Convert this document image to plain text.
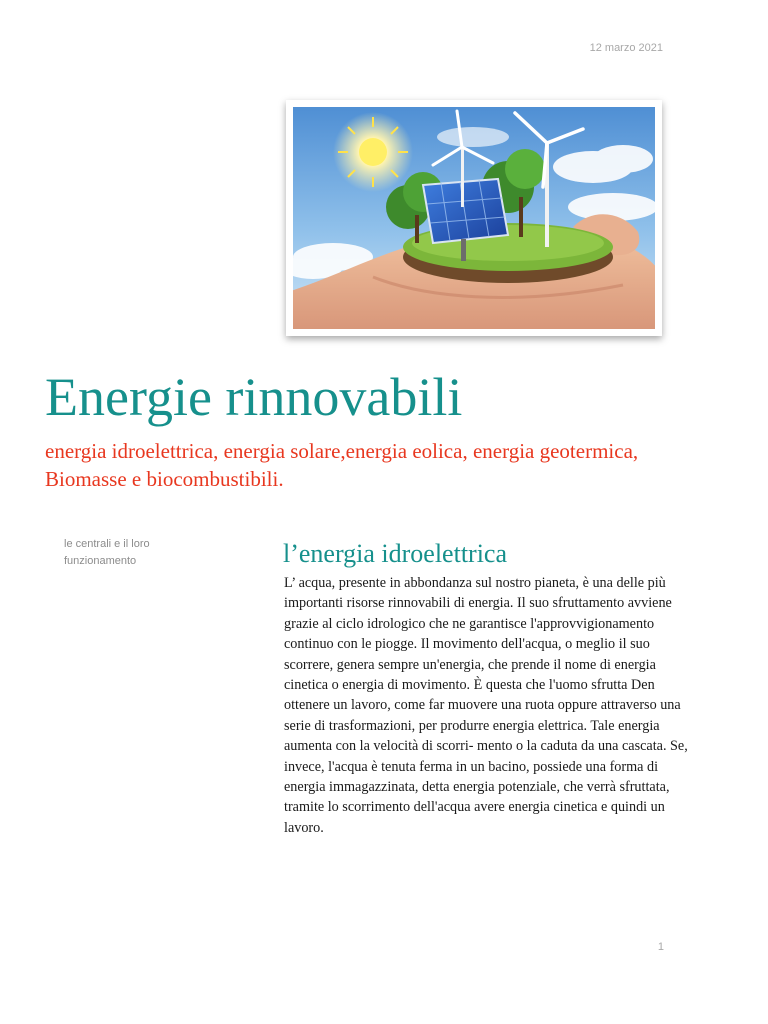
12 marzo 2021
Energie rinnovabili

energia idroelettrica, energia solare,energia eolica, energia geotermica, Biomasse e biocombustibili.

le centrali e il loro funzionamento	l’energia idroelettrica

L’ acqua, presente in abbondanza sul nostro pianeta, è una delle più importanti risorse rinnovabili di energia. Il suo sfruttamento avviene grazie al ciclo idrologico che ne garantisce l'approvvigionamento continuo con le piogge. Il movimento dell'acqua, o meglio il suo scorrere, genera sempre un'energia, che prende il nome di energia cinetica o energia di movimento. È questa che l'uomo sfrutta Den ottenere un lavoro, come far muovere una ruota oppure attraverso una serie di trasformazioni, per produrre energia elettrica. Tale energia aumenta con la velocità di scorri- mento o la caduta da una cascata. Se, invece, l'acqua è tenuta ferma in un bacino, possiede una forma di energia immagazzinata, detta energia potenziale, che verrà sfruttata, tramite lo scorrimento dell'acqua avere energia cinetica e quindi un lavoro.

1
